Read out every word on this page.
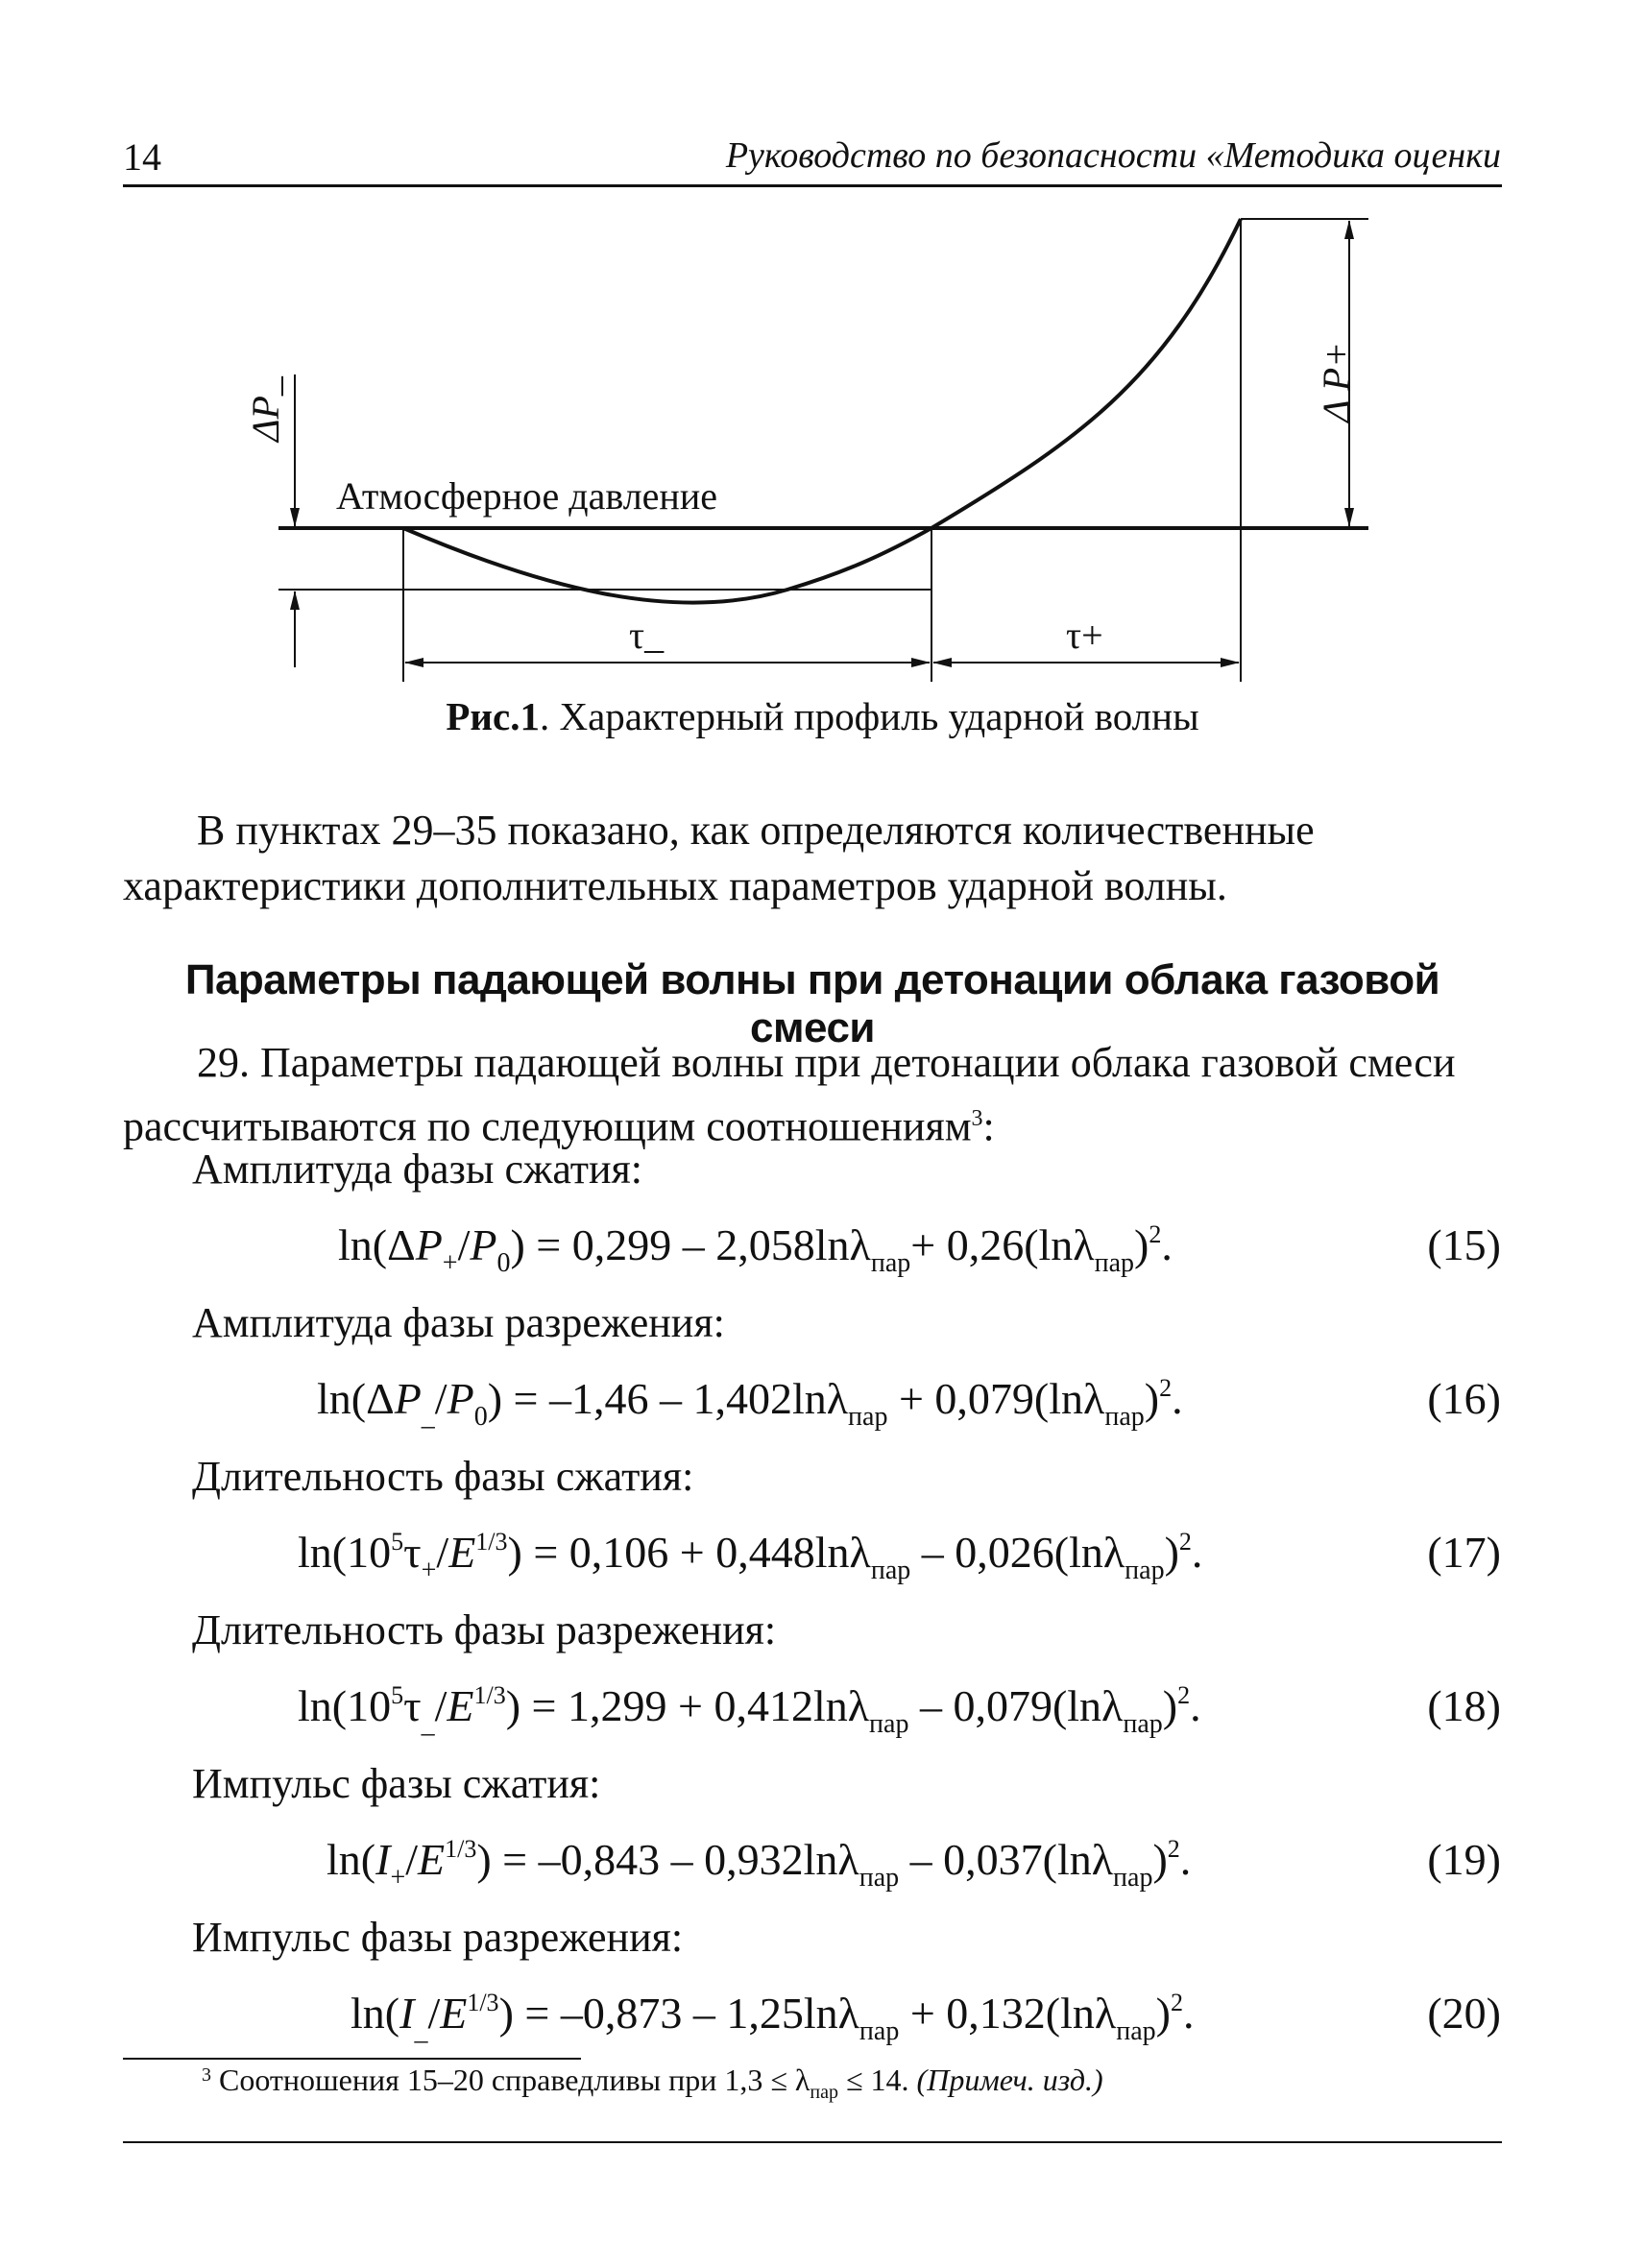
14	Руководство по безопасности «Методика оценки
Атмосферное давление
τ_	τ+
ΔP_	Δ P+
Рис.1. Характерный профиль ударной волны
В пунктах 29–35 показано, как определяются количественные характеристики дополнительных параметров ударной волны.
Параметры падающей волны при детонации облака газовой смеси
29. Параметры падающей волны при детонации облака газовой смеси рассчитываются по следующим соотношениям$^3$:
Амплитуда фазы сжатия:
$\ln(\Delta P_+/P_0) = 0,299 - 2,058\ln\lambda_{пар}+ 0,26(\ln\lambda_{пар})^2$.	(15)
Амплитуда фазы разрежения:
$\ln(\Delta P_{\_}/P_0) = -1,46 - 1,402\ln\lambda_{пар} + 0,079(\ln\lambda_{пар})^2$.	(16)
Длительность фазы сжатия:
$\ln(10^5\tau_+/E^{1/3}) = 0,106 + 0,448\ln\lambda_{пар} - 0,026(\ln\lambda_{пар})^2$.	(17)
Длительность фазы разрежения:
$\ln(10^5\tau_{\_}/E^{1/3}) = 1,299 + 0,412\ln\lambda_{пар} - 0,079(\ln\lambda_{пар})^2$.	(18)
Импульс фазы сжатия:
$\ln(I_+/E^{1/3}) = -0,843 - 0,932\ln\lambda_{пар} - 0,037(\ln\lambda_{пар})^2$.	(19)
Импульс фазы разрежения:
$\ln(I_{\_}/E^{1/3}) = -0,873 - 1,25\ln\lambda_{пар} + 0,132(\ln\lambda_{пар})^2$.	(20)
$^3$ Соотношения 15–20 справедливы при $1,3 \le \lambda_{пар} \le 14$. (Примеч. изд.)
